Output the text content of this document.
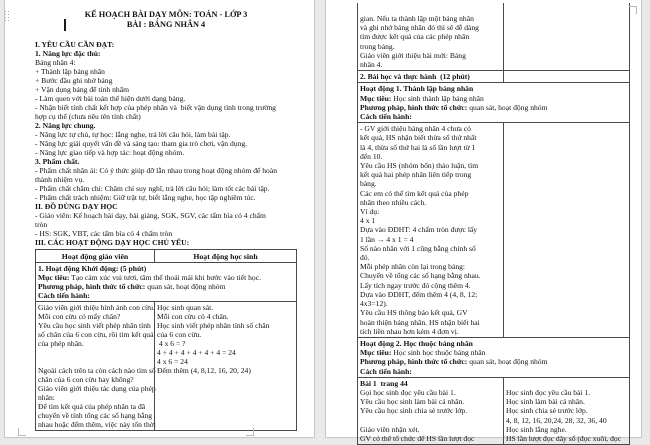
KẾ HOẠCH BÀI DẠY MÔN: TOÁN - LỚP 3
BÀI : BẢNG NHÂN 4
I. YÊU CẦU CẦN ĐẠT:
1. Năng lực đặc thù:
Bảng nhân 4:
+ Thành lập bảng nhân
+ Bước đầu ghi nhớ bảng
+ Vận dụng bảng để tính nhẩm
- Làm quen với bài toán thể hiện dưới dạng bảng.
- Nhận biết tính chất kết hợp của phép nhân và  biết vận dụng tính trong trường
hợp cụ thể (chưa nêu tên tính chất)
2. Năng lực chung.
- Năng lực tự chủ, tự học: lắng nghe, trả lời câu hỏi, làm bài tập.
- Năng lực giải quyết vấn đề và sáng tạo: tham gia trò chơi, vận dụng.
- Năng lực giao tiếp và hợp tác: hoạt động nhóm.
3. Phẩm chất.
- Phẩm chất nhân ái: Có ý thức giúp đỡ lẫn nhau trong hoạt động nhóm để hoàn
thành nhiệm vụ.
- Phẩm chất chăm chỉ: Chăm chỉ suy nghĩ, trả lời câu hỏi; làm tốt các bài tập.
- Phẩm chất trách nhiệm: Giữ trật tự, biết lắng nghe, học tập nghiêm túc.
II. ĐỒ DÙNG DẠY HỌC
- Giáo viên: Kế hoạch bài dạy, bài giảng, SGK, SGV, các tấm bìa có 4 chấm
tròn
- HS: SGK, VBT, các tấm bìa có 4 chấm tròn
III. CÁC HOẠT ĐỘNG DẠY HỌC CHỦ YẾU:
Hoạt động giáo viên	Hoạt động học sinh
1. Hoạt động Khởi động: (5 phút)
Mục tiêu: Tạo cảm xúc vui tươi, tâm thế thoải mái khi bước vào tiết học.
Phương pháp, hình thức tổ chức: quan sát, hoạt động nhóm
Cách tiến hành:
Giáo viên giới thiệu hình ảnh con cừu.
Mỗi con cừu có mấy chân?
Yêu cầu học sinh viết phép nhân tính
số chân của 6 con cừu, rồi tìm kết quả
của phép nhân.

Ngoài cách trên ta còn cách nào tìm số
chân của 6 con cừu hay không?
Giáo viên giới thiệu tác dụng của phép
nhân:
Để tìm kết quả của phép nhân ta đã
chuyển về tính tổng các số hạng bằng
nhau hoặc đếm thêm, việc này tốn thời
Học sinh quan sát.
Mỗi con cừu có 4 chân.
Học sinh viết phép nhân tính số chân
của 6 con cừu.
4 x 6 = ?
4 + 4 + 4 + 4 + 4 + 4 = 24
4 x 6 = 24
Đếm thêm (4, 8,12, 16, 20, 24)
gian. Nếu ta thành lập một bảng nhân
và ghi nhớ bảng nhân đó thì sẽ dễ dàng
tìm được kết quả của các phép nhân
trong bảng.
Giáo viên giới thiệu bài mới: Bảng
nhân 4.
2. Bài học và thực hành  (12 phút)
Hoạt động 1. Thành lập bảng nhân
Mục tiêu: Học sinh thành lập bảng nhân
Phương pháp, hình thức tổ chức: quan sát, hoạt động nhóm
Cách tiến hành:
- GV giới thiệu bảng nhân 4 chưa có
kết quả, HS nhận biết thừa số thứ nhất
là 4, thừa số thứ hai là số lần lượt từ 1
đến 10.
Yêu cầu HS (nhóm bốn) thảo luận, tìm
kết quả hai phép nhân liên tiếp trong
bảng.
Các em có thể tìm kết quả của phép
nhân theo nhiều cách.
Ví dụ:
4 x 1
Dựa vào ĐDHT: 4 chấm tròn được lấy
1 lần → 4 x 1 = 4
Số nào nhân với 1 cũng bằng chính số
đó.
Mỗi phép nhân còn lại trong bảng:
Chuyển về tổng các số hạng bằng nhau.
Lấy tích ngay trước đó cộng thêm 4.
Dựa vào ĐDHT, đếm thêm 4 (4, 8, 12;
4x3=12).
Yêu cầu HS thông báo kết quả, GV
hoàn thiện bảng nhân. HS nhận biết hai
tích liền nhau hơn kém 4 đơn vị.
Hoạt động 2. Học thuộc bảng nhân
Mục tiêu: Học sinh học thuộc bảng nhân
Phương pháp, hình thức tổ chức: quan sát, hoạt động nhóm
Cách tiến hành:
Bài 1  trang 44
Gọi học sinh đọc yêu cầu bài 1.
Yêu cầu học sinh làm bài cá nhân.
Yêu cầu học sinh chia sẻ trước lớp.

Giáo viên nhận xét.
GV có thể tổ chức để HS lần lượt đọc

Học sinh đọc yêu cầu bài 1.
Học sinh làm bài cá nhân.
Học sinh chia sẻ trước lớp.
4, 8, 12, 16, 20,24, 28, 32, 36, 40
Học sinh lắng nghe.
HS lần lượt đọc dãy số (đọc xuôi, đọc
